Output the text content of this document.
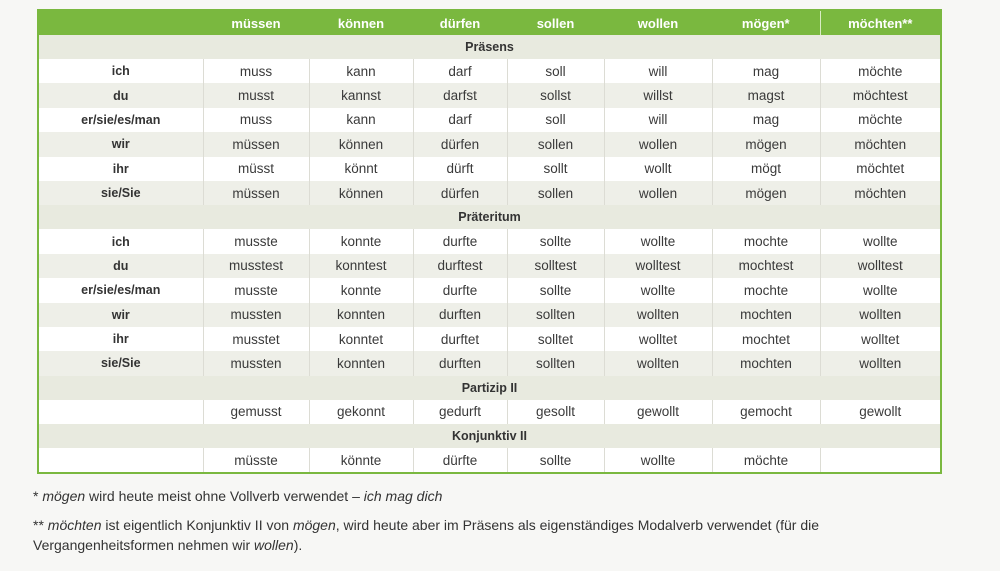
	müssen	können	dürfen	sollen	wollen	mögen*	möchten**
Präsens							
ich	muss	kann	darf	soll	will	mag	möchte
du	musst	kannst	darfst	sollst	willst	magst	möchtest
er/sie/es/man	muss	kann	darf	soll	will	mag	möchte
wir	müssen	können	dürfen	sollen	wollen	mögen	möchten
ihr	müsst	könnt	dürft	sollt	wollt	mögt	möchtet
sie/Sie	müssen	können	dürfen	sollen	wollen	mögen	möchten
Präteritum							
ich	musste	konnte	durfte	sollte	wollte	mochte	wollte
du	musstest	konntest	durftest	solltest	wolltest	mochtest	wolltest
er/sie/es/man	musste	konnte	durfte	sollte	wollte	mochte	wollte
wir	mussten	konnten	durften	sollten	wollten	mochten	wollten
ihr	musstet	konntet	durftet	solltet	wolltet	mochtet	wolltet
sie/Sie	mussten	konnten	durften	sollten	wollten	mochten	wollten
Partizip II							
	gemusst	gekonnt	gedurft	gesollt	gewollt	gemocht	gewollt
Konjunktiv II							
	müsste	könnte	dürfte	sollte	wollte	möchte	

* mögen wird heute meist ohne Vollverb verwendet – ich mag dich

** möchten ist eigentlich Konjunktiv II von mögen, wird heute aber im Präsens als eigenständiges Modalverb verwendet (für die Vergangenheitsformen nehmen wir wollen).
